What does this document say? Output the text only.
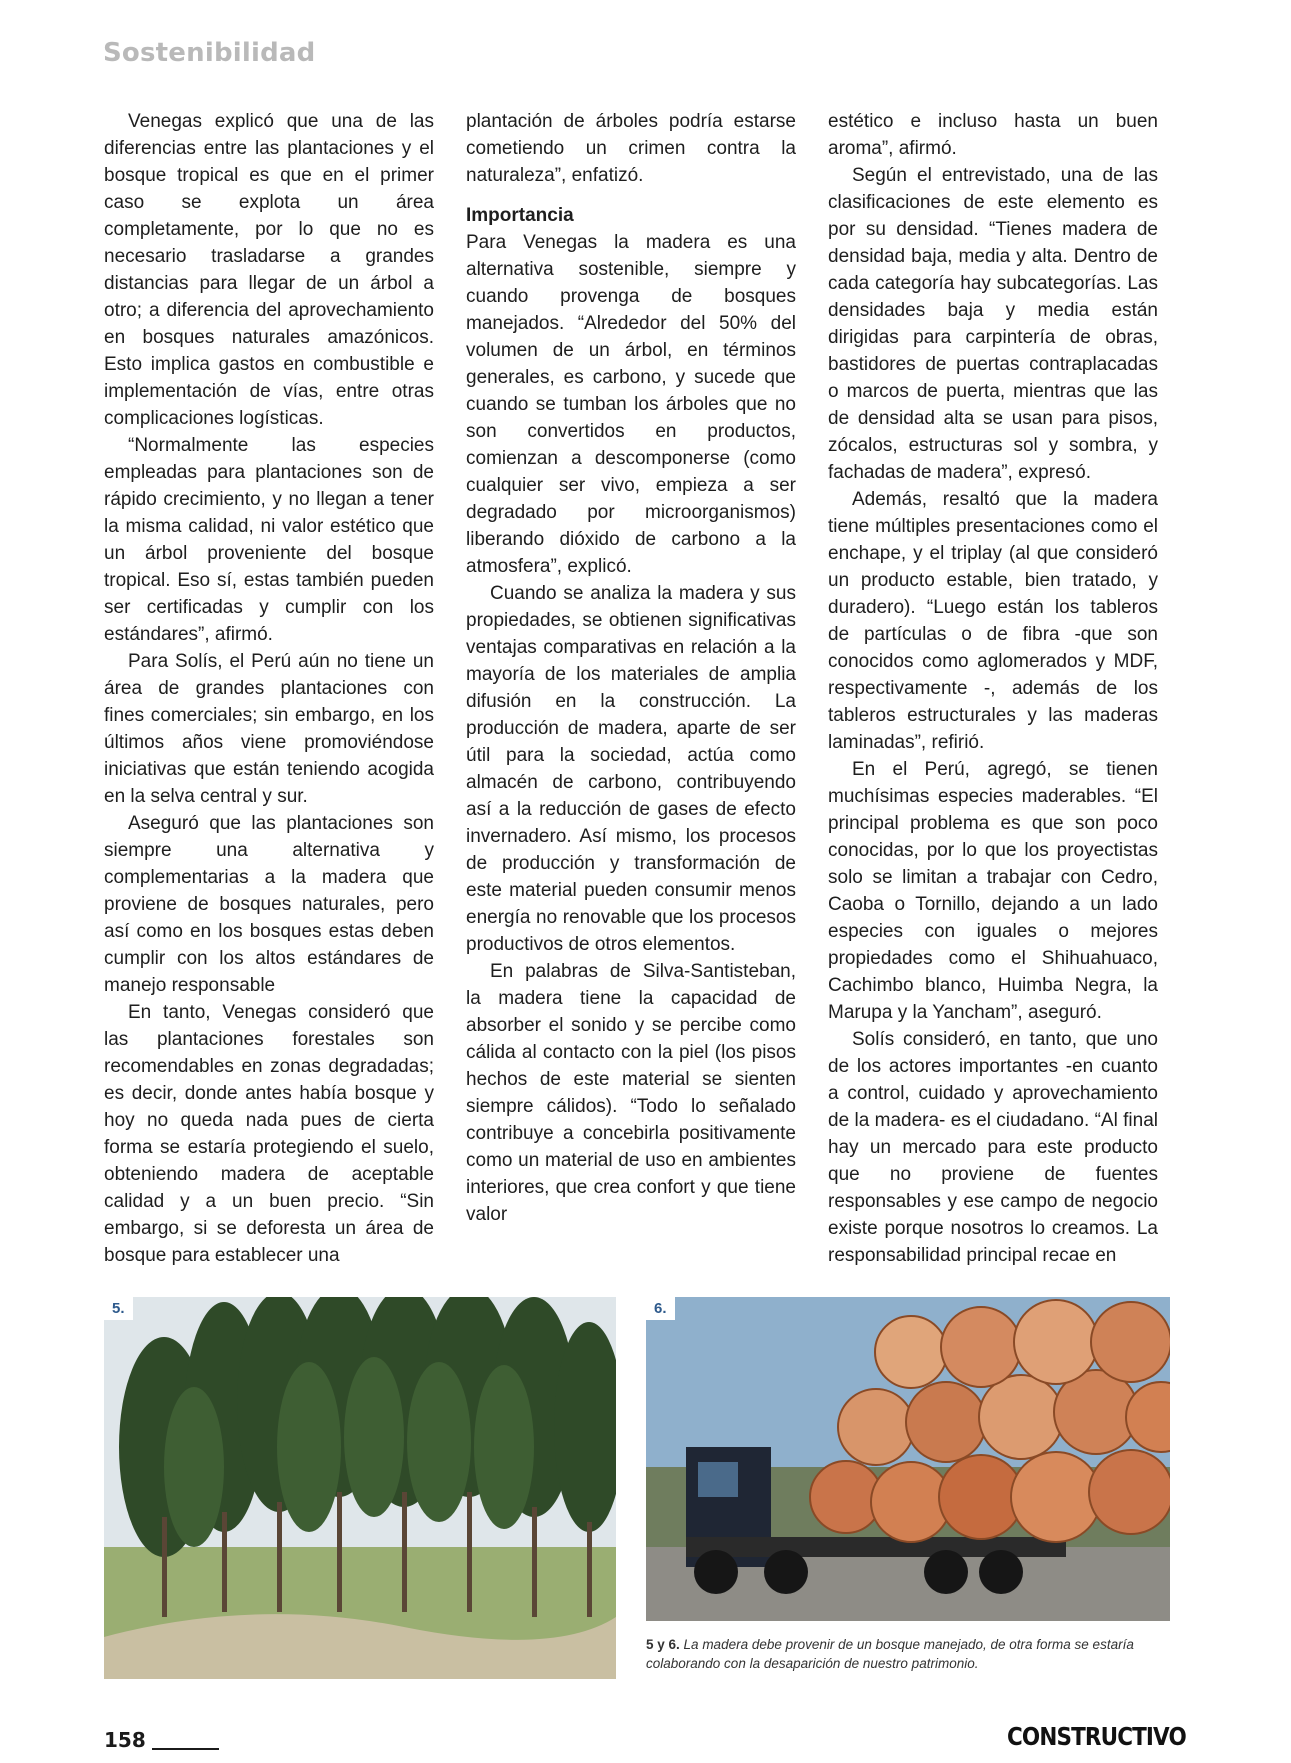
Sostenibilidad

Venegas explicó que una de las diferencias entre las plantaciones y el bosque tropical es que en el primer caso se explota un área completamente, por lo que no es necesario trasladarse a grandes distancias para llegar de un árbol a otro; a diferencia del aprovechamiento en bosques naturales amazónicos. Esto implica gastos en combustible e implementación de vías, entre otras complicaciones logísticas.

“Normalmente las especies empleadas para plantaciones son de rápido crecimiento, y no llegan a tener la misma calidad, ni valor estético que un árbol proveniente del bosque tropical. Eso sí, estas también pueden ser certificadas y cumplir con los estándares”, afirmó.

Para Solís, el Perú aún no tiene un área de grandes plantaciones con fines comerciales; sin embargo, en los últimos años viene promoviéndose iniciativas que están teniendo acogida en la selva central y sur.

Aseguró que las plantaciones son siempre una alternativa y complementarias a la madera que proviene de bosques naturales, pero así como en los bosques estas deben cumplir con los altos estándares de manejo responsable

En tanto, Venegas consideró que las plantaciones forestales son recomendables en zonas degradadas; es decir, donde antes había bosque y hoy no queda nada pues de cierta forma se estaría protegiendo el suelo, obteniendo madera de aceptable calidad y a un buen precio. “Sin embargo, si se deforesta un área de bosque para establecer una

plantación de árboles podría estarse cometiendo un crimen contra la naturaleza”, enfatizó.

Importancia

Para Venegas la madera es una alternativa sostenible, siempre y cuando provenga de bosques manejados. “Alrededor del 50% del volumen de un árbol, en términos generales, es carbono, y sucede que cuando se tumban los árboles que no son convertidos en productos, comienzan a descomponerse (como cualquier ser vivo, empieza a ser degradado por microorganismos) liberando dióxido de carbono a la atmosfera”, explicó.

Cuando se analiza la madera y sus propiedades, se obtienen significativas ventajas comparativas en relación a la mayoría de los materiales de amplia difusión en la construcción. La producción de madera, aparte de ser útil para la sociedad, actúa como almacén de carbono, contribuyendo así a la reducción de gases de efecto invernadero. Así mismo, los procesos de producción y transformación de este material pueden consumir menos energía no renovable que los procesos productivos de otros elementos.

En palabras de Silva-Santisteban, la madera tiene la capacidad de absorber el sonido y se percibe como cálida al contacto con la piel (los pisos hechos de este material se sienten siempre cálidos). “Todo lo señalado contribuye a concebirla positivamente como un material de uso en ambientes interiores, que crea confort y que tiene valor

estético e incluso hasta un buen aroma”, afirmó.

Según el entrevistado, una de las clasificaciones de este elemento es por su densidad. “Tienes madera de densidad baja, media y alta. Dentro de cada categoría hay subcategorías. Las densidades baja y media están dirigidas para carpintería de obras, bastidores de puertas contraplacadas o marcos de puerta, mientras que las de densidad alta se usan para pisos, zócalos, estructuras sol y sombra, y fachadas de madera”, expresó.

Además, resaltó que la madera tiene múltiples presentaciones como el enchape, y el triplay (al que consideró un producto estable, bien tratado, y duradero). “Luego están los tableros de partículas o de fibra -que son conocidos como aglomerados y MDF, respectivamente -, además de los tableros estructurales y las maderas laminadas”, refirió.

En el Perú, agregó, se tienen muchísimas especies maderables. “El principal problema es que son poco conocidas, por lo que los proyectistas solo se limitan a trabajar con Cedro, Caoba o Tornillo, dejando a un lado especies con iguales o mejores propiedades como el Shihuahuaco, Cachimbo blanco, Huimba Negra, la Marupa y la Yancham”, aseguró.

Solís consideró, en tanto, que uno de los actores importantes -en cuanto a control, cuidado y aprovechamiento de la madera- es el ciudadano. “Al final hay un mercado para este producto que no proviene de fuentes responsables y ese campo de negocio existe porque nosotros lo creamos. La responsabilidad principal recae en

5.	6.
5 y 6. La madera debe provenir de un bosque manejado, de otra forma se estaría colaborando con la desaparición de nuestro patrimonio.
158	CONSTRUCTIVO
